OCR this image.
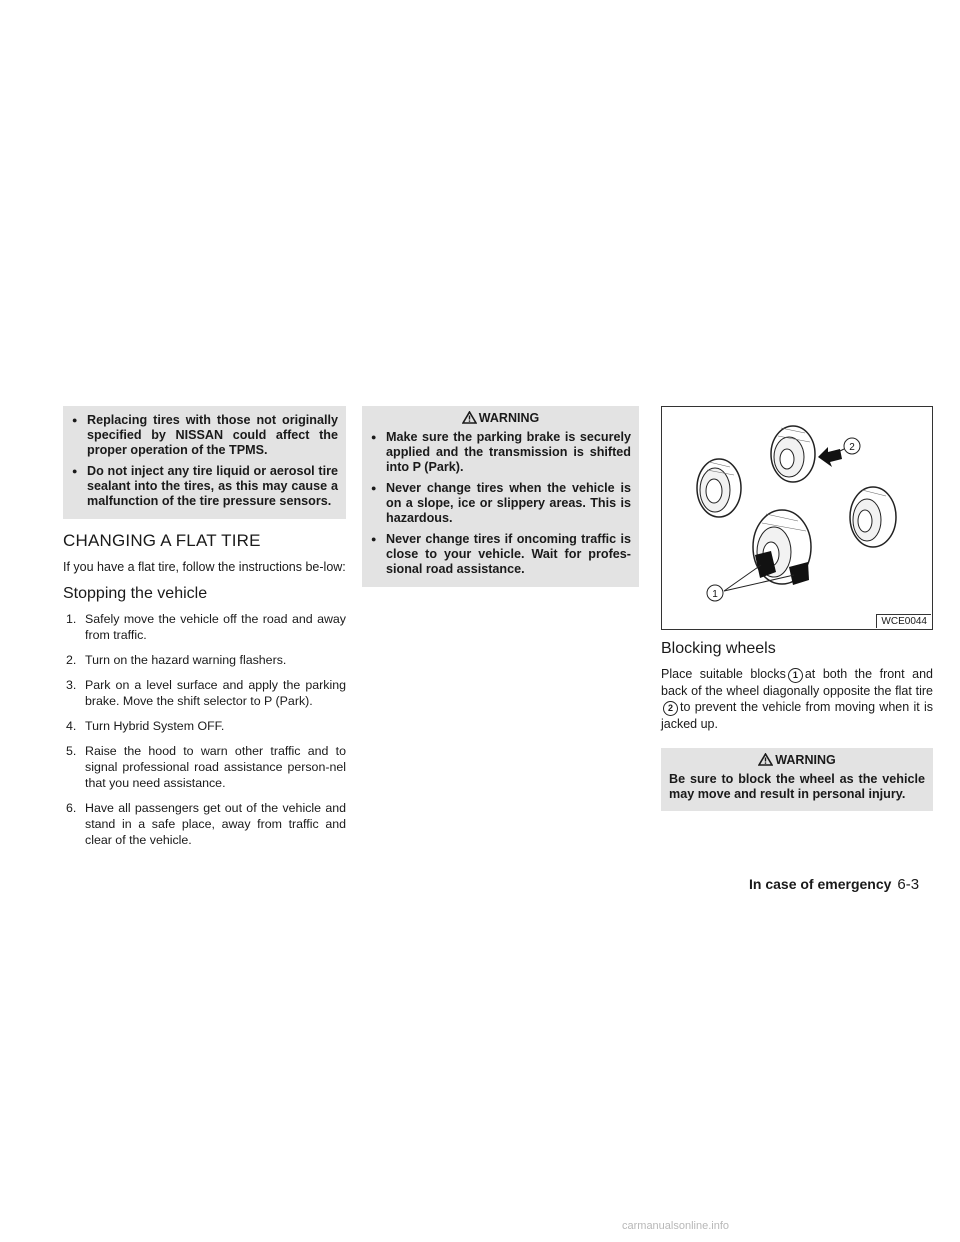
● Replacing tires with those not originally specified by NISSAN could affect the proper operation of the TPMS.
● Do not inject any tire liquid or aerosol tire sealant into the tires, as this may cause a malfunction of the tire pressure sensors.
CHANGING A FLAT TIRE

If you have a flat tire, follow the instructions be-low:

Stopping the vehicle
1. Safely move the vehicle off the road and away from traffic.
2. Turn on the hazard warning flashers.
3. Park on a level surface and apply the parking brake. Move the shift selector to P (Park).
4. Turn Hybrid System OFF.
5. Raise the hood to warn other traffic and to signal professional road assistance person-nel that you need assistance.
6. Have all passengers get out of the vehicle and stand in a safe place, away from traffic and clear of the vehicle.
WARNING
● Make sure the parking brake is securely applied and the transmission is shifted into P (Park).
● Never change tires when the vehicle is on a slope, ice or slippery areas. This is hazardous.
● Never change tires if oncoming traffic is close to your vehicle. Wait for profes-sional road assistance.
1
2
WCE0044
Blocking wheels

Place suitable blocks 1 at both the front and back of the wheel diagonally opposite the flat tire 2 to prevent the vehicle from moving when it is jacked up.

WARNING

Be sure to block the wheel as the vehicle may move and result in personal injury.

In case of emergency 6-3
carmanualsonline.info
